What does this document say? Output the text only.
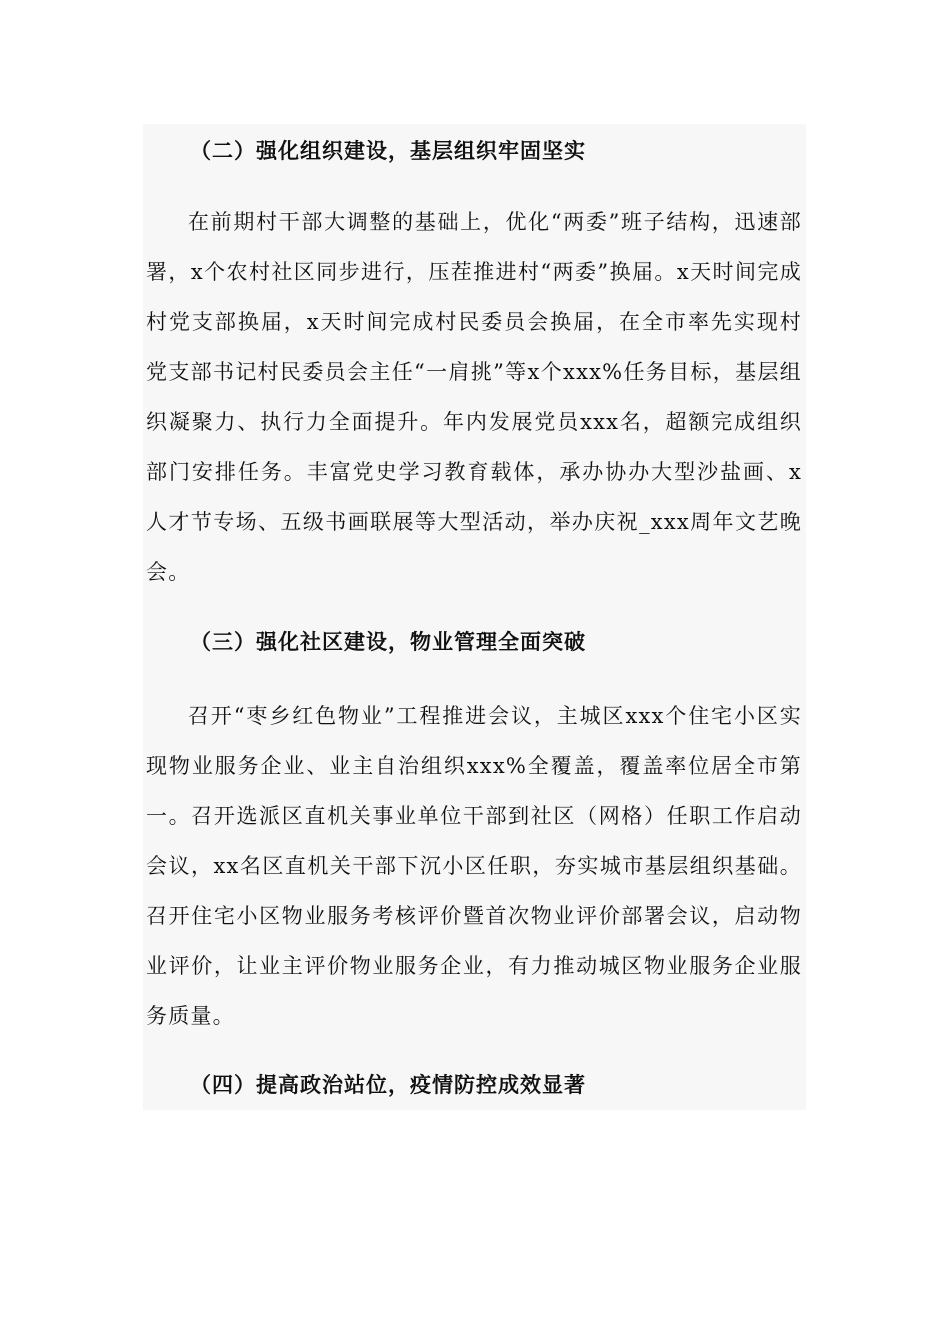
（二）强化组织建设，基层组织牢固坚实

在前期村干部大调整的基础上，优化“两委”班子结构，迅速部署，x个农村社区同步进行，压茬推进村“两委”换届。x天时间完成村党支部换届，x天时间完成村民委员会换届，在全市率先实现村党支部书记村民委员会主任“一肩挑”等x个xxx%任务目标，基层组织凝聚力、执行力全面提升。年内发展党员xxx名，超额完成组织部门安排任务。丰富党史学习教育载体，承办协办大型沙盐画、x人才节专场、五级书画联展等大型活动，举办庆祝_xxx周年文艺晚会。

（三）强化社区建设，物业管理全面突破

召开“枣乡红色物业”工程推进会议，主城区xxx个住宅小区实现物业服务企业、业主自治组织xxx%全覆盖，覆盖率位居全市第一。召开选派区直机关事业单位干部到社区（网格）任职工作启动会议，xx名区直机关干部下沉小区任职，夯实城市基层组织基础。召开住宅小区物业服务考核评价暨首次物业评价部署会议，启动物业评价，让业主评价物业服务企业，有力推动城区物业服务企业服务质量。

（四）提高政治站位，疫情防控成效显著
